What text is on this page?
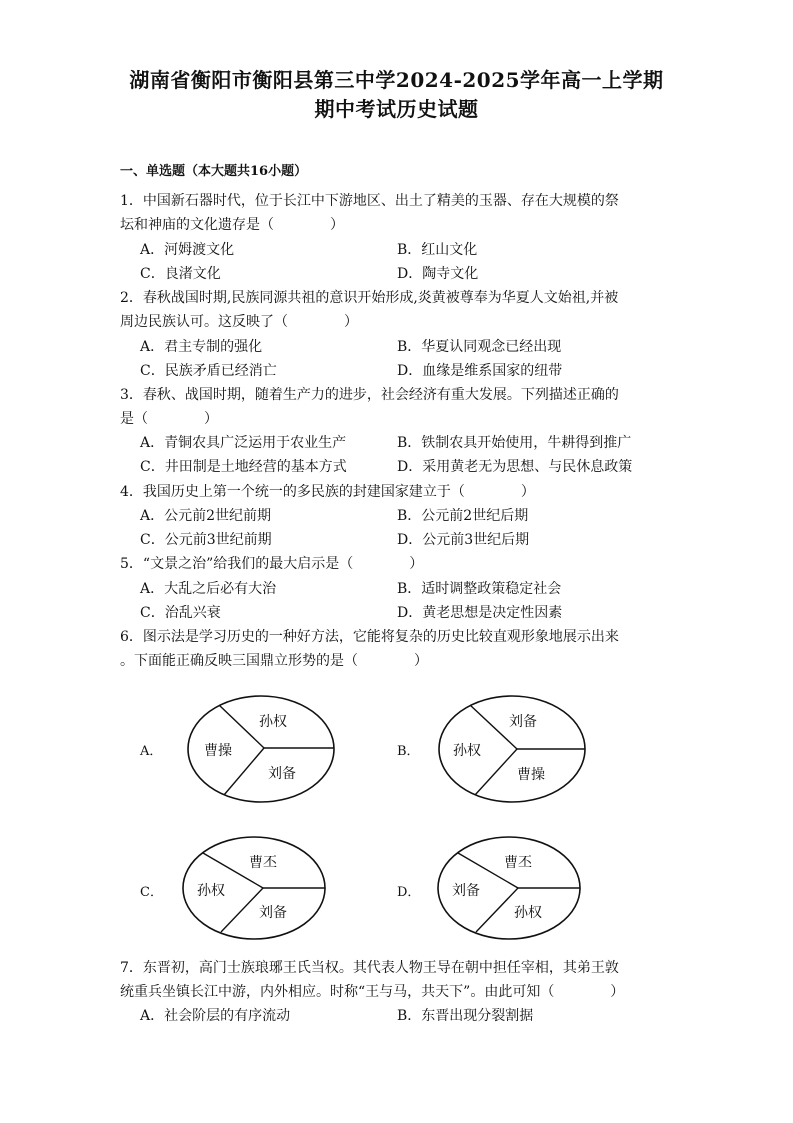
湖南省衡阳市衡阳县第三中学2024-2025学年高一上学期
期中考试历史试题
一、单选题（本大题共16小题）
1．中国新石器时代，位于长江中下游地区、出土了精美的玉器、存在大规模的祭
坛和神庙的文化遗存是（　　　　）
A．河姆渡文化	B．红山文化
C．良渚文化	D．陶寺文化
2．春秋战国时期,民族同源共祖的意识开始形成,炎黄被尊奉为华夏人文始祖,并被
周边民族认可。这反映了（　　　　）
A．君主专制的强化	B．华夏认同观念已经出现
C．民族矛盾已经消亡	D．血缘是维系国家的纽带
3．春秋、战国时期，随着生产力的进步，社会经济有重大发展。下列描述正确的
是（　　　　）
A．青铜农具广泛运用于农业生产	B．铁制农具开始使用，牛耕得到推广
C．井田制是土地经营的基本方式	D．采用黄老无为思想、与民休息政策
4．我国历史上第一个统一的多民族的封建国家建立于（　　　　）
A．公元前2世纪前期	B．公元前2世纪后期
C．公元前3世纪前期	D．公元前3世纪后期
5．“文景之治”给我们的最大启示是（　　　　）
A．大乱之后必有大治	B．适时调整政策稳定社会
C．治乱兴衰	D．黄老思想是决定性因素
6．图示法是学习历史的一种好方法，它能将复杂的历史比较直观形象地展示出来
。下面能正确反映三国鼎立形势的是（　　　　）
A．	曹操
孙权
刘备
B． 孙权
刘备
曹操
C． 孙权
曹丕
刘备
D． 刘备
曹丕
孙权
7．东晋初，高门士族琅琊王氏当权。其代表人物王导在朝中担任宰相，其弟王敦
统重兵坐镇长江中游，内外相应。时称“王与马，共天下”。由此可知（　　　　）
A．社会阶层的有序流动	B．东晋出现分裂割据
